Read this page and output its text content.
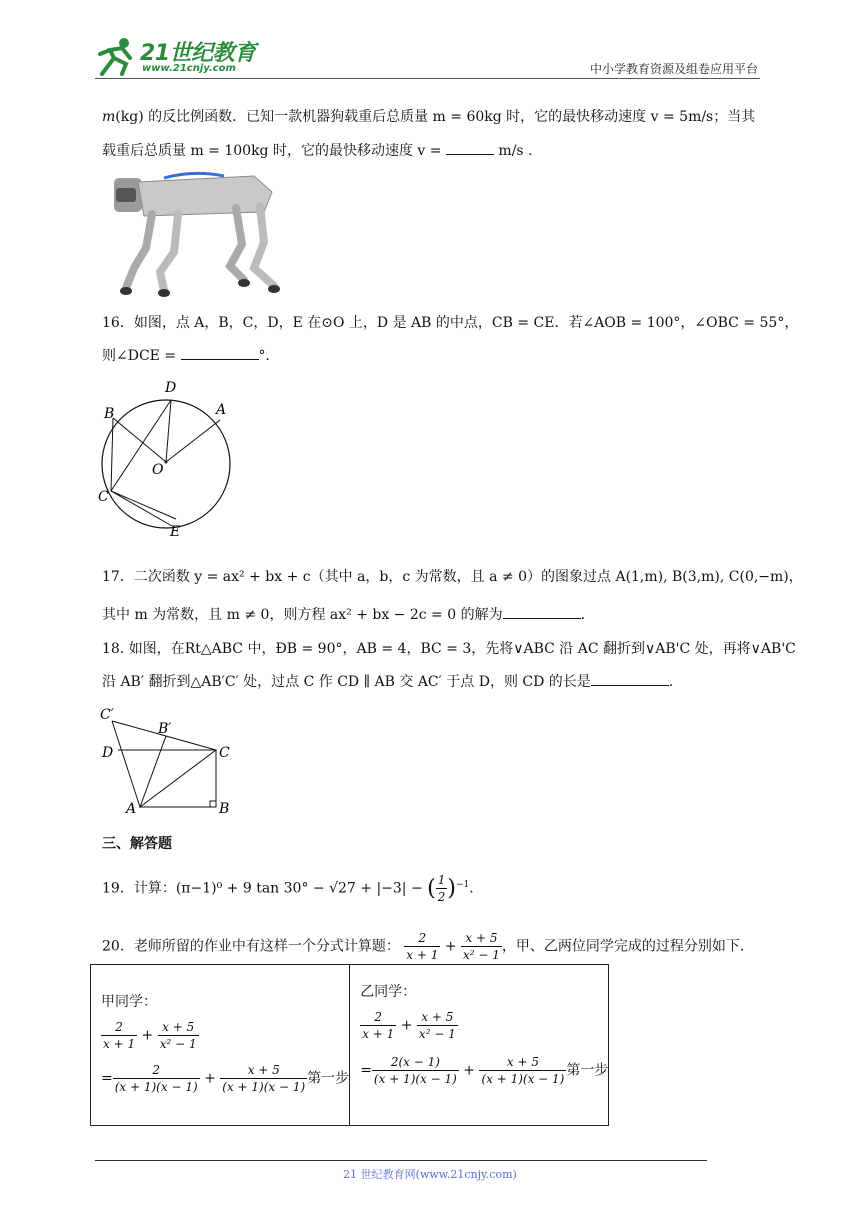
21世纪教育
www.21cnjy.com	中小学教育资源及组卷应用平台
m(kg) 的反比例函数．已知一款机器狗载重后总质量 m = 60kg 时，它的最快移动速度 v = 5m/s；当其
载重后总质量 m = 100kg 时，它的最快移动速度 v =	m/s .
16．如图，点 A，B，C，D，E 在⊙O 上，D 是 AB 的中点，CB = CE．若∠AOB = 100°，∠OBC = 55°，
则∠DCE =	°．
D
A
B
O
C
E
17．二次函数 y = ax² + bx + c（其中 a，b，c 为常数，且 a ≠ 0）的图象过点 A(1,m), B(3,m), C(0,−m)，
其中 m 为常数，且 m ≠ 0，则方程 ax² + bx − 2c = 0 的解为	.
18. 如图，在Rt△ABC 中，ÐB = 90°，AB = 4，BC = 3，先将∨ABC 沿 AC 翻折到∨AB'C 处，再将∨AB'C
沿 AB′ 翻折到△AB′C′ 处，过点 C 作 CD ∥ AB 交 AC′ 于点 D，则 CD 的长是	.
C′
B′
D	C
A	B
三、解答题
19．计算：(π−1)⁰ + 9 tan 30° − √27 + |−3| − ( $\frac{1}{2} )^{-1}$.
20．老师所留的作业中有这样一个分式计算题： $\frac{2}{x + 1} + \frac{x + 5}{\text{x² − 1}}$ ，甲、乙两位同学完成的过程分别如下．
甲同学：
$\frac{2}{x + 1} + \frac{x + 5}{\text{x² − 1}}$
= $\frac{2}{(x + 1)(x - 1)} + \frac{x + 5}{(x + 1)(x - 1)}$ 第一步

乙同学：
$\frac{2}{x + 1} + \frac{x + 5}{\text{x² − 1}}$
= $\frac{2(x - 1)}{(x + 1)(x - 1)} + \frac{x + 5}{(x + 1)(x - 1)}$ 第一步
21 世纪教育网(www.21cnjy.com)
